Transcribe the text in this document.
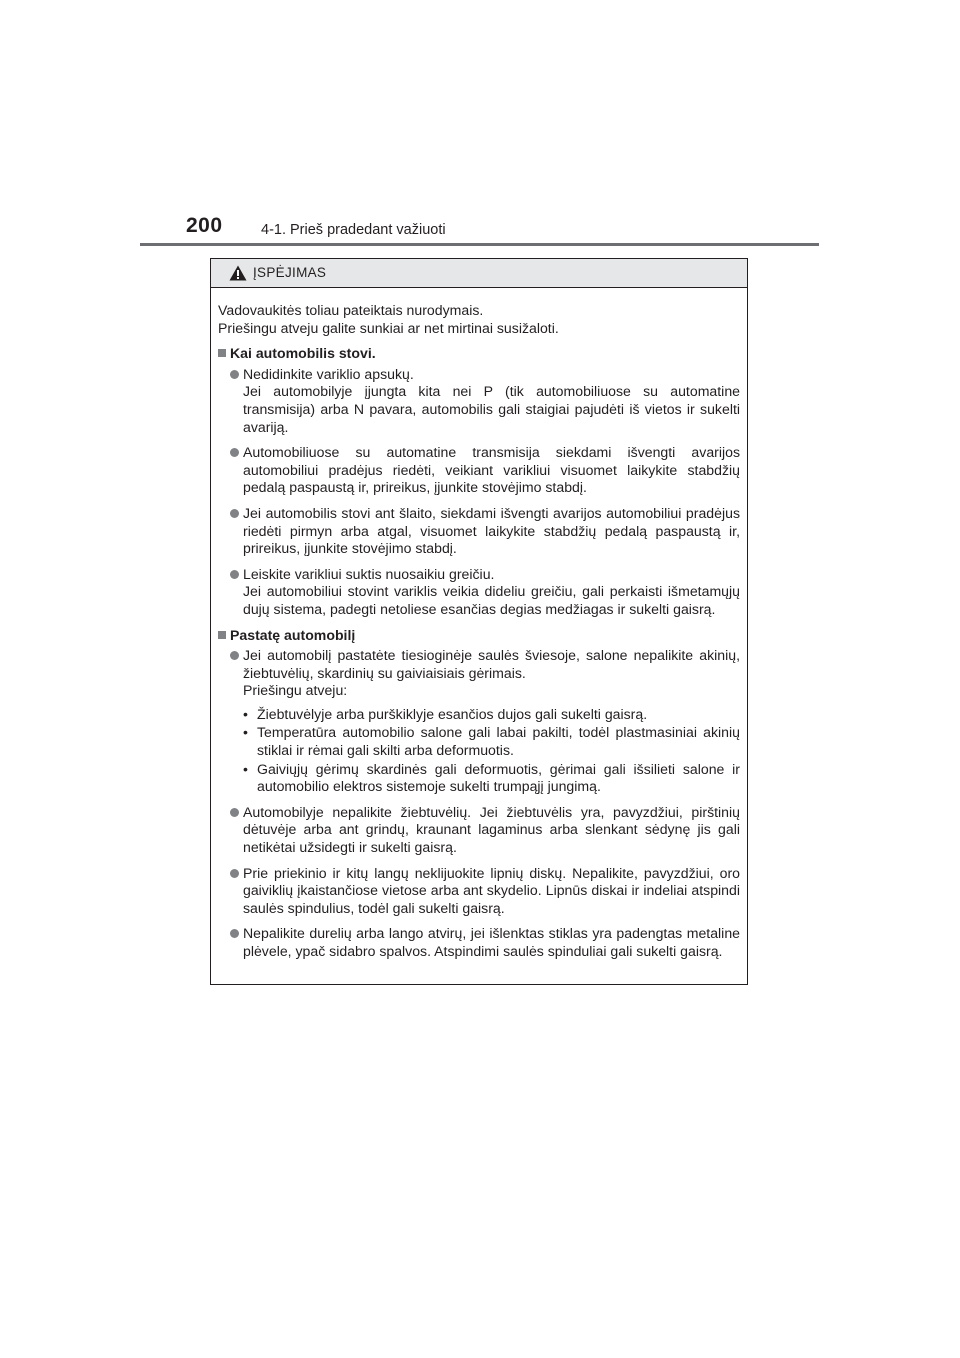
200	4-1. Prieš pradedant važiuoti
ĮSPĖJIMAS

Vadovaukitės toliau pateiktais nurodymais.

Priešingu atveju galite sunkiai ar net mirtinai susižaloti.

Kai automobilis stovi.

Nedidinkite variklio apsukų.

Jei automobilyje įjungta kita nei P (tik automobiliuose su automatine transmisija) arba N pavara, automobilis gali staigiai pajudėti iš vietos ir sukelti avariją.

Automobiliuose su automatine transmisija siekdami išvengti avarijos automobiliui pradėjus riedėti, veikiant varikliui visuomet laikykite stabdžių pedalą paspaustą ir, prireikus, įjunkite stovėjimo stabdį.

Jei automobilis stovi ant šlaito, siekdami išvengti avarijos automobiliui pradėjus riedėti pirmyn arba atgal, visuomet laikykite stabdžių pedalą paspaustą ir, prireikus, įjunkite stovėjimo stabdį.

Leiskite varikliui suktis nuosaikiu greičiu.

Jei automobiliui stovint variklis veikia dideliu greičiu, gali perkaisti išmetamųjų dujų sistema, padegti netoliese esančias degias medžiagas ir sukelti gaisrą.

Pastatę automobilį

Jei automobilį pastatėte tiesioginėje saulės šviesoje, salone nepalikite akinių, žiebtuvėlių, skardinių su gaiviaisiais gėrimais.

Priešingu atveju:

• Žiebtuvėlyje arba purškiklyje esančios dujos gali sukelti gaisrą.
• Temperatūra automobilio salone gali labai pakilti, todėl plastmasiniai akinių stiklai ir rėmai gali skilti arba deformuotis.
• Gaiviųjų gėrimų skardinės gali deformuotis, gėrimai gali išsilieti salone ir automobilio elektros sistemoje sukelti trumpąjį jungimą.

Automobilyje nepalikite žiebtuvėlių. Jei žiebtuvėlis yra, pavyzdžiui, pirštinių dėtuvėje arba ant grindų, kraunant lagaminus arba slenkant sėdynę jis gali netikėtai užsidegti ir sukelti gaisrą.

Prie priekinio ir kitų langų neklijuokite lipnių diskų. Nepalikite, pavyzdžiui, oro gaiviklių įkaistančiose vietose arba ant skydelio. Lipnūs diskai ir indeliai atspindi saulės spindulius, todėl gali sukelti gaisrą.

Nepalikite durelių arba lango atvirų, jei išlenktas stiklas yra padengtas metaline plėvele, ypač sidabro spalvos. Atspindimi saulės spinduliai gali sukelti gaisrą.
